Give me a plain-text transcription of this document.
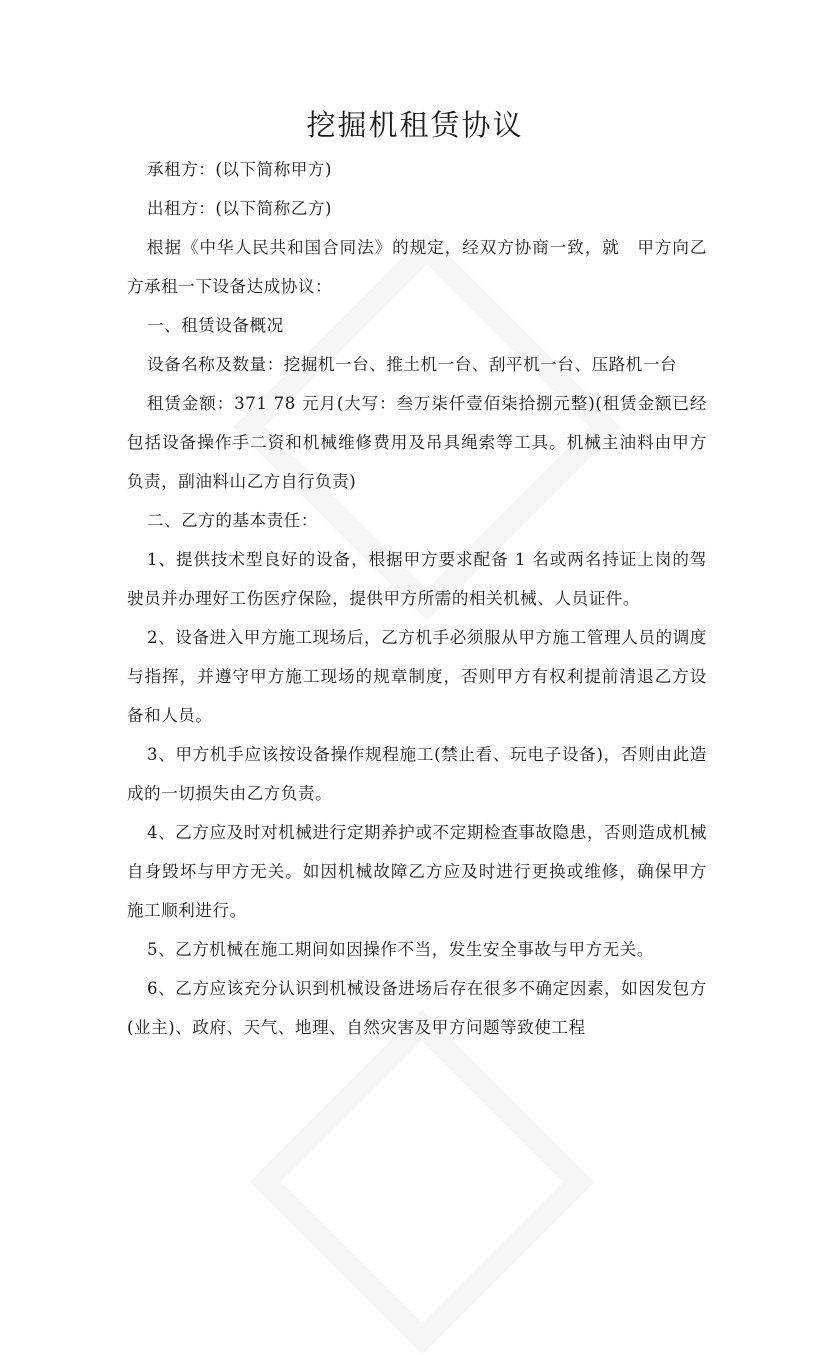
挖掘机租赁协议

承租方：(以下简称甲方)

出租方：(以下简称乙方)

根据《中华人民共和国合同法》的规定，经双方协商一致，就　甲方向乙方承租一下设备达成协议：

一、租赁设备概况

设备名称及数量：挖掘机一台、推土机一台、刮平机一台、压路机一台

租赁金额：371 78 元月(大写：叁万柒仟壹佰柒拾捌元整)(租赁金额已经包括设备操作手二资和机械维修费用及吊具绳索等工具。机械主油料由甲方负责，副油料山乙方自行负责)

二、乙方的基本责任：

1、提供技术型良好的设备，根据甲方要求配备 1 名或两名持证上岗的驾驶员并办理好工伤医疗保险，提供甲方所需的相关机械、人员证件。

2、设备进入甲方施工现场后，乙方机手必须服从甲方施工管理人员的调度与指挥，并遵守甲方施工现场的规章制度，否则甲方有权利提前清退乙方设备和人员。

3、甲方机手应该按设备操作规程施工(禁止看、玩电子设备)，否则由此造成的一切损失由乙方负责。

4、乙方应及时对机械进行定期养护或不定期检查事故隐患，否则造成机械自身毁坏与甲方无关。如因机械故障乙方应及时进行更换或维修，确保甲方施工顺利进行。

5、乙方机械在施工期间如因操作不当，发生安全事故与甲方无关。

6、乙方应该充分认识到机械设备进场后存在很多不确定因素，如因发包方(业主)、政府、天气、地理、自然灾害及甲方问题等致使工程
